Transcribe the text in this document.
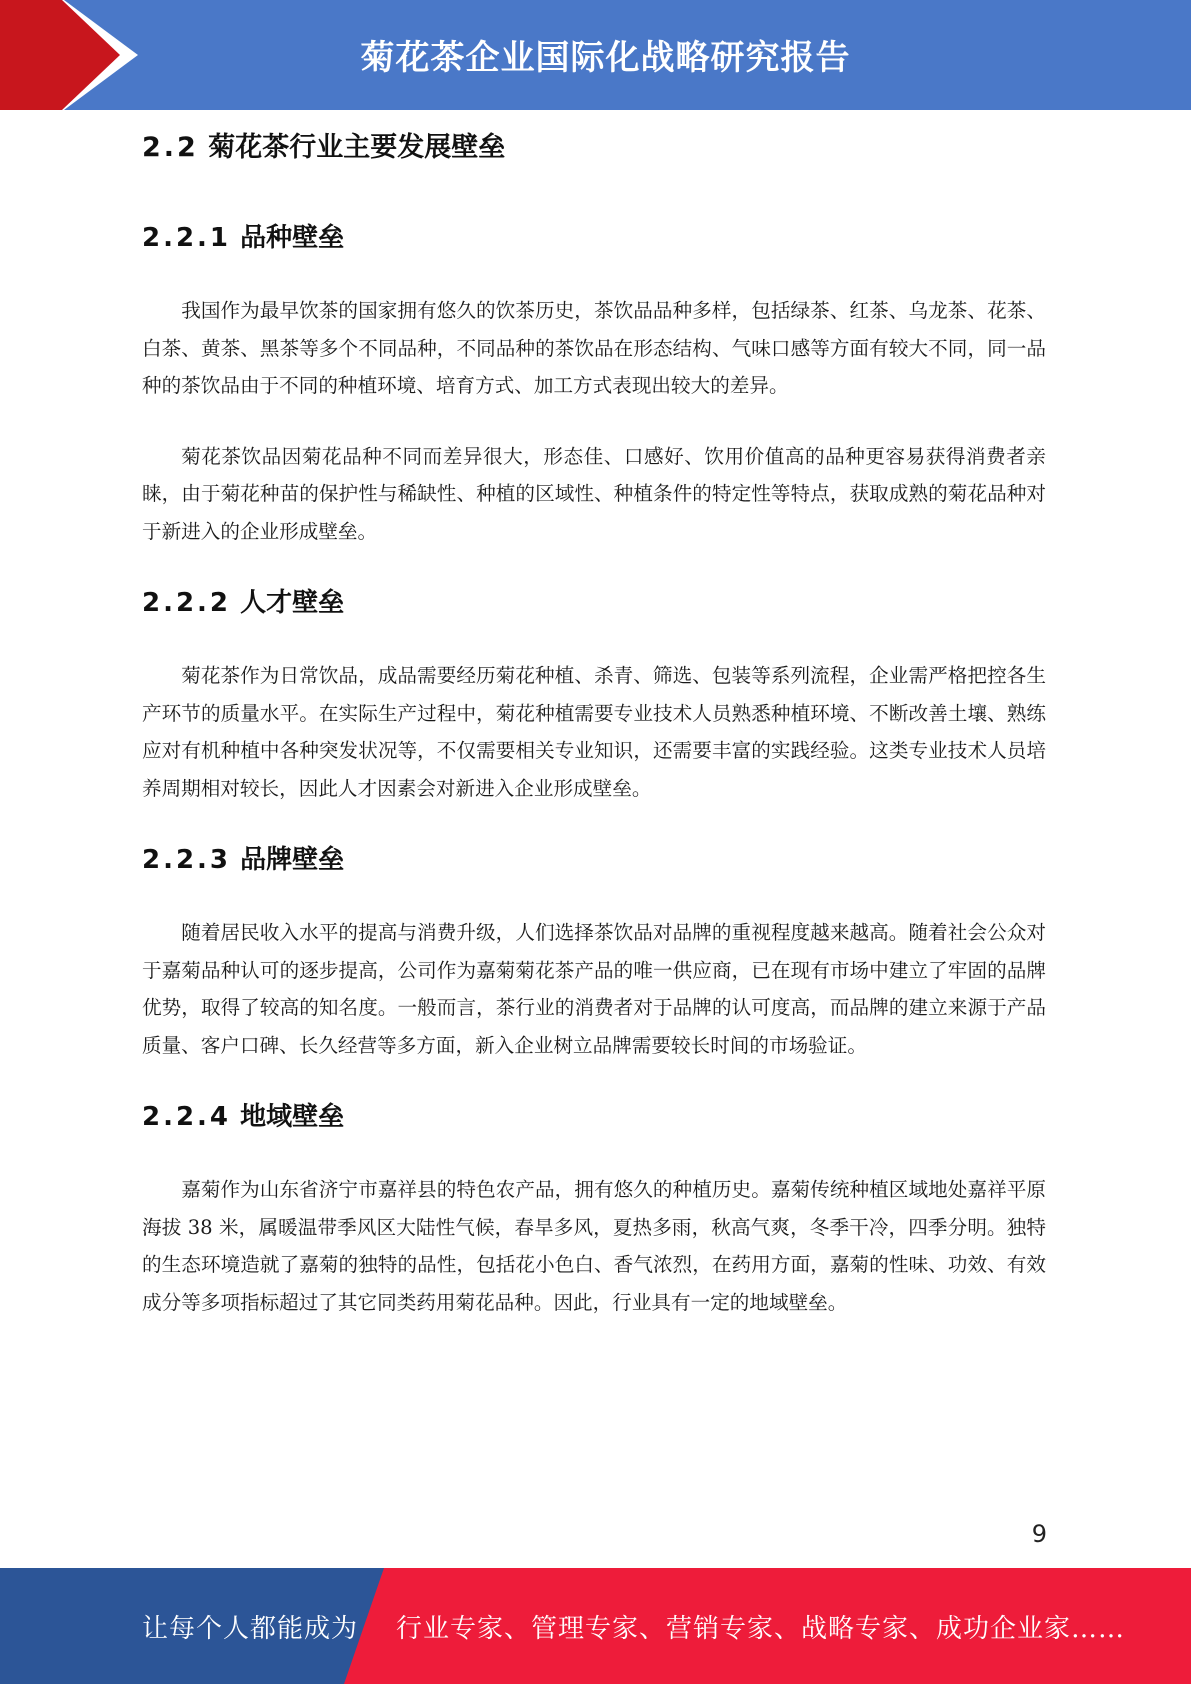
菊花茶企业国际化战略研究报告
2.2 菊花茶行业主要发展壁垒
2.2.1 品种壁垒

我国作为最早饮茶的国家拥有悠久的饮茶历史，茶饮品品种多样，包括绿茶、红茶、乌龙茶、花茶、白茶、黄茶、黑茶等多个不同品种，不同品种的茶饮品在形态结构、气味口感等方面有较大不同，同一品种的茶饮品由于不同的种植环境、培育方式、加工方式表现出较大的差异。

菊花茶饮品因菊花品种不同而差异很大，形态佳、口感好、饮用价值高的品种更容易获得消费者亲睐，由于菊花种苗的保护性与稀缺性、种植的区域性、种植条件的特定性等特点，获取成熟的菊花品种对于新进入的企业形成壁垒。

2.2.2 人才壁垒

菊花茶作为日常饮品，成品需要经历菊花种植、杀青、筛选、包装等系列流程，企业需严格把控各生产环节的质量水平。在实际生产过程中，菊花种植需要专业技术人员熟悉种植环境、不断改善土壤、熟练应对有机种植中各种突发状况等，不仅需要相关专业知识，还需要丰富的实践经验。这类专业技术人员培养周期相对较长，因此人才因素会对新进入企业形成壁垒。

2.2.3 品牌壁垒

随着居民收入水平的提高与消费升级，人们选择茶饮品对品牌的重视程度越来越高。随着社会公众对于嘉菊品种认可的逐步提高，公司作为嘉菊菊花茶产品的唯一供应商，已在现有市场中建立了牢固的品牌优势，取得了较高的知名度。一般而言，茶行业的消费者对于品牌的认可度高，而品牌的建立来源于产品质量、客户口碑、长久经营等多方面，新入企业树立品牌需要较长时间的市场验证。

2.2.4 地域壁垒

嘉菊作为山东省济宁市嘉祥县的特色农产品，拥有悠久的种植历史。嘉菊传统种植区域地处嘉祥平原海拔 38 米，属暖温带季风区大陆性气候，春旱多风，夏热多雨，秋高气爽，冬季干冷，四季分明。独特的生态环境造就了嘉菊的独特的品性，包括花小色白、香气浓烈，在药用方面，嘉菊的性味、功效、有效成分等多项指标超过了其它同类药用菊花品种。因此，行业具有一定的地域壁垒。

9
让每个人都能成为 行业专家、管理专家、营销专家、战略专家、成功企业家……
